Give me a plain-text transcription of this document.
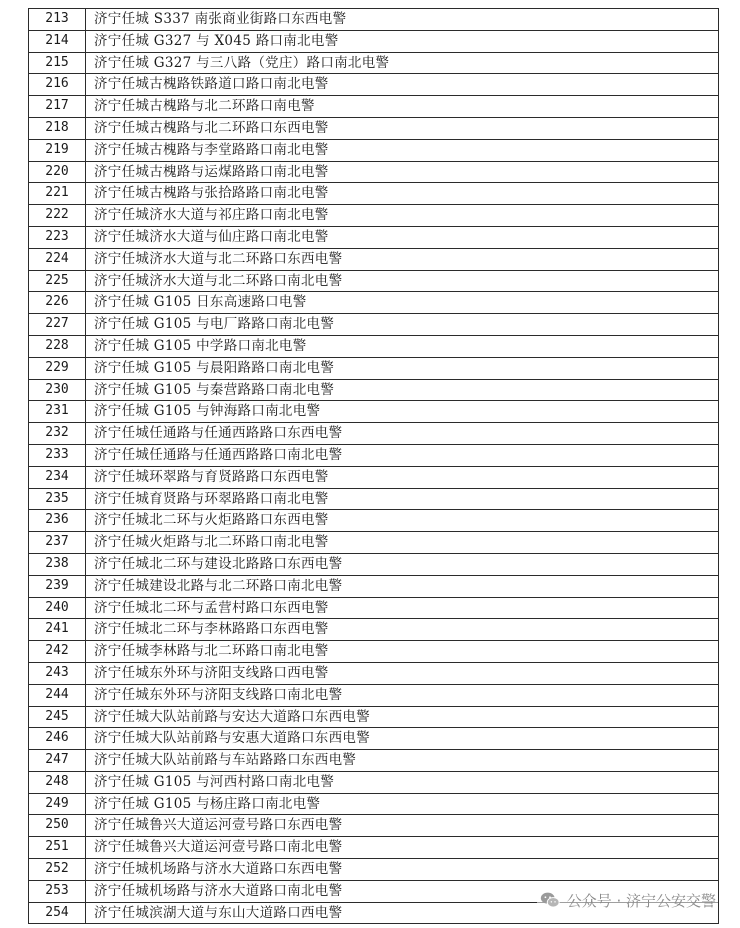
213	济宁任城 S337 南张商业街路口东西电警
214	济宁任城 G327 与 X045 路口南北电警
215	济宁任城 G327 与三八路（党庄）路口南北电警
216	济宁任城古槐路铁路道口路口南北电警
217	济宁任城古槐路与北二环路口南电警
218	济宁任城古槐路与北二环路口东西电警
219	济宁任城古槐路与李堂路路口南北电警
220	济宁任城古槐路与运煤路路口南北电警
221	济宁任城古槐路与张拾路路口南北电警
222	济宁任城济水大道与祁庄路口南北电警
223	济宁任城济水大道与仙庄路口南北电警
224	济宁任城济水大道与北二环路口东西电警
225	济宁任城济水大道与北二环路口南北电警
226	济宁任城 G105 日东高速路口电警
227	济宁任城 G105 与电厂路路口南北电警
228	济宁任城 G105 中学路口南北电警
229	济宁任城 G105 与晨阳路路口南北电警
230	济宁任城 G105 与秦营路路口南北电警
231	济宁任城 G105 与钟海路口南北电警
232	济宁任城任通路与任通西路路口东西电警
233	济宁任城任通路与任通西路路口南北电警
234	济宁任城环翠路与育贤路路口东西电警
235	济宁任城育贤路与环翠路路口南北电警
236	济宁任城北二环与火炬路路口东西电警
237	济宁任城火炬路与北二环路口南北电警
238	济宁任城北二环与建设北路路口东西电警
239	济宁任城建设北路与北二环路口南北电警
240	济宁任城北二环与孟营村路口东西电警
241	济宁任城北二环与李林路路口东西电警
242	济宁任城李林路与北二环路口南北电警
243	济宁任城东外环与济阳支线路口西电警
244	济宁任城东外环与济阳支线路口南北电警
245	济宁任城大队站前路与安达大道路口东西电警
246	济宁任城大队站前路与安惠大道路口东西电警
247	济宁任城大队站前路与车站路路口东西电警
248	济宁任城 G105 与河西村路口南北电警
249	济宁任城 G105 与杨庄路口南北电警
250	济宁任城鲁兴大道运河壹号路口东西电警
251	济宁任城鲁兴大道运河壹号路口南北电警
252	济宁任城机场路与济水大道路口东西电警
253	济宁任城机场路与济水大道路口南北电警
254	济宁任城滨湖大道与东山大道路口西电警
公众号 · 济宁公安交警
